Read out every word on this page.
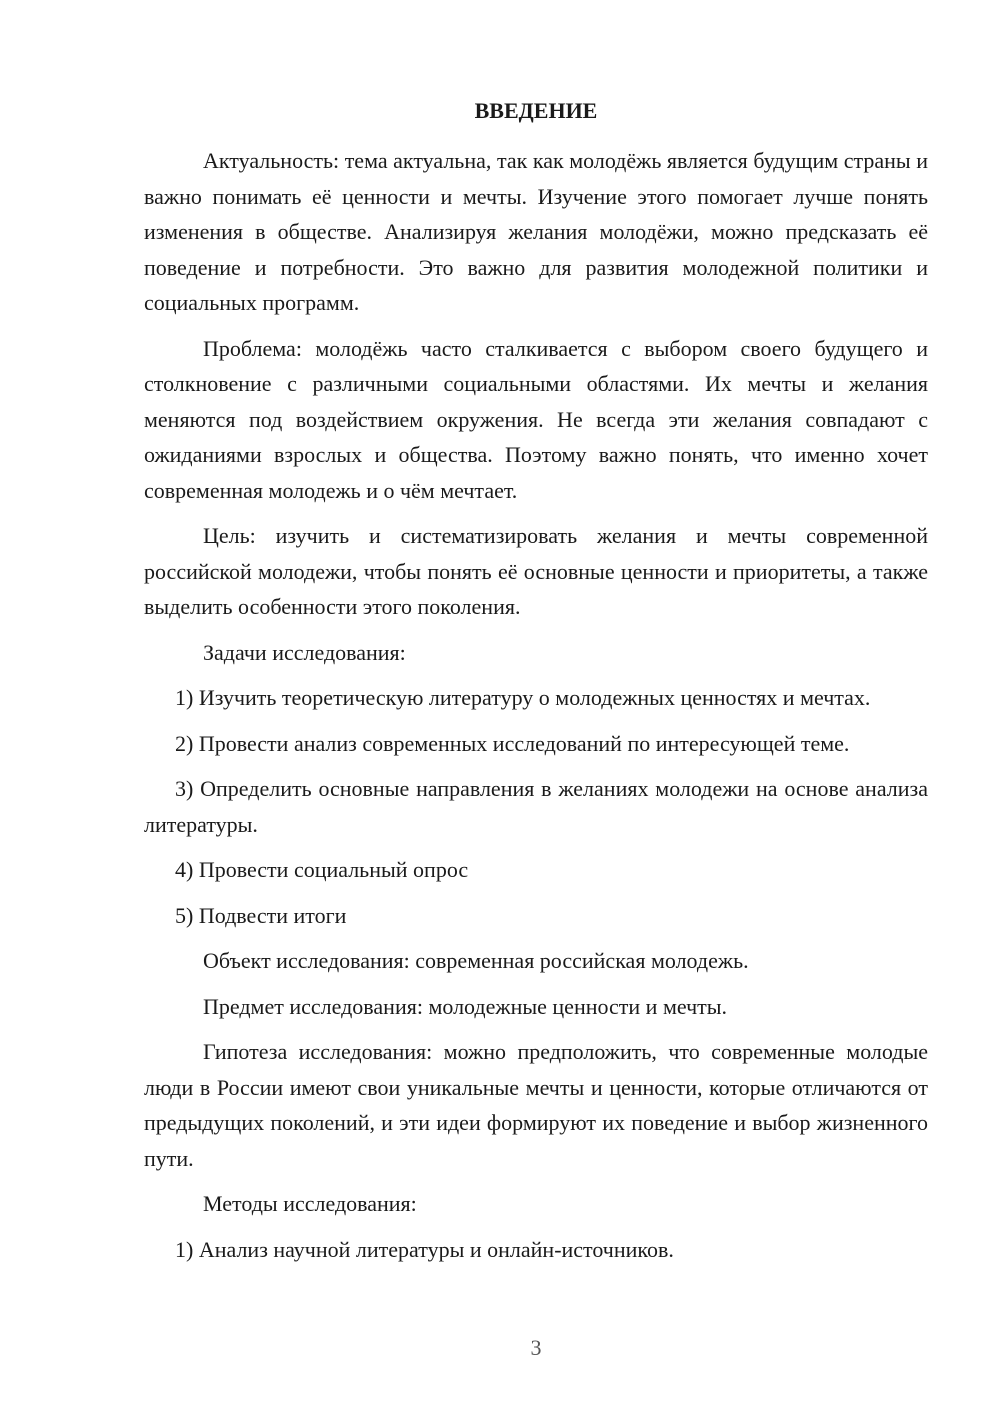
ВВЕДЕНИЕ

Актуальность: тема актуальна, так как молодёжь является будущим страны и важно понимать её ценности и мечты. Изучение этого помогает лучше понять изменения в обществе. Анализируя желания молодёжи, можно предсказать её поведение и потребности. Это важно для развития молодежной политики и социальных программ.

Проблема: молодёжь часто сталкивается с выбором своего будущего и столкновение с различными социальными областями. Их мечты и желания меняются под воздействием окружения. Не всегда эти желания совпадают с ожиданиями взрослых и общества. Поэтому важно понять, что именно хочет современная молодежь и о чём мечтает.

Цель: изучить и систематизировать желания и мечты современной российской молодежи, чтобы понять её основные ценности и приоритеты, а также выделить особенности этого поколения.

Задачи исследования:

1) Изучить теоретическую литературу о молодежных ценностях и мечтах.

2) Провести анализ современных исследований по интересующей теме.

3) Определить основные направления в желаниях молодежи на основе анализа литературы.

4) Провести социальный опрос

5) Подвести итоги

Объект исследования: современная российская молодежь.

Предмет исследования: молодежные ценности и мечты.

Гипотеза исследования: можно предположить, что современные молодые люди в России имеют свои уникальные мечты и ценности, которые отличаются от предыдущих поколений, и эти идеи формируют их поведение и выбор жизненного пути.

Методы исследования:

1) Анализ научной литературы и онлайн-источников.

3
